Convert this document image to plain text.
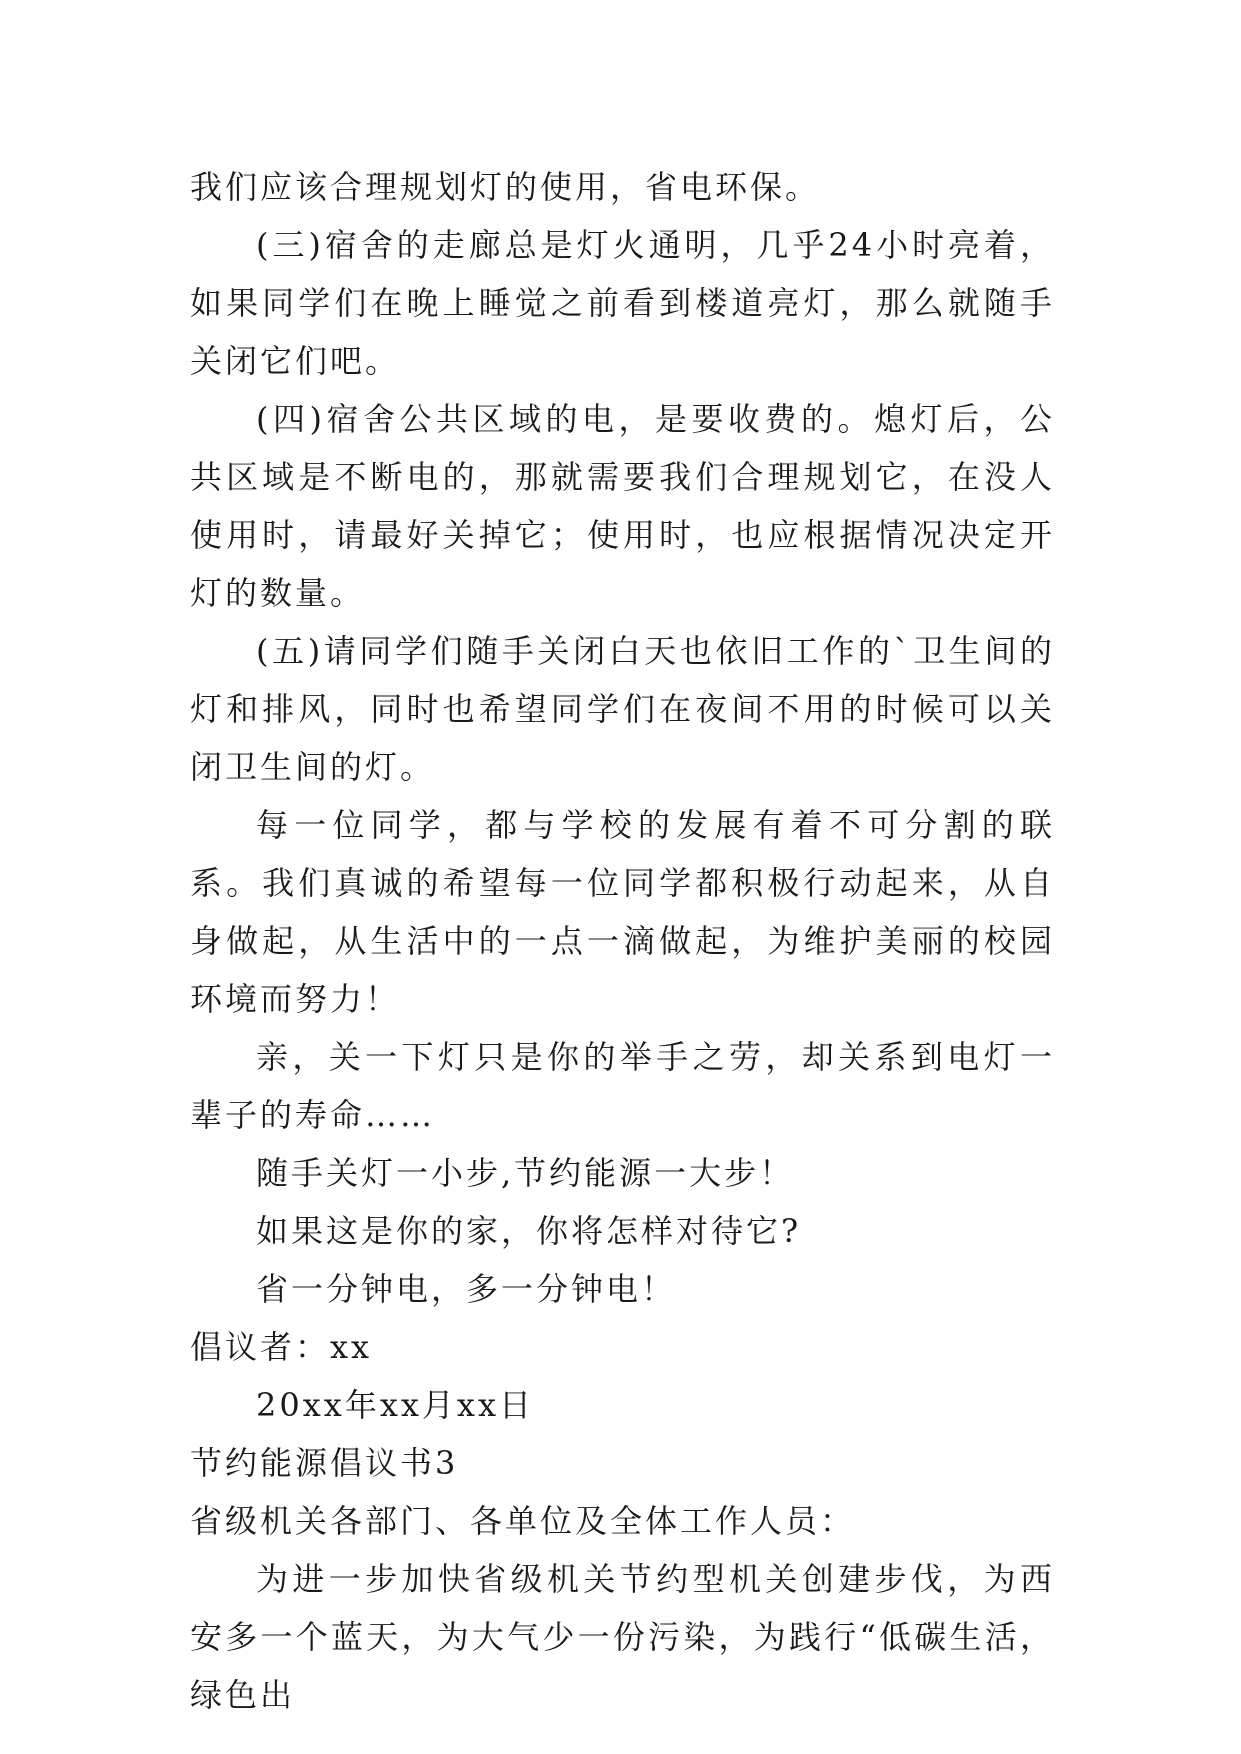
我们应该合理规划灯的使用，省电环保。

(三)宿舍的走廊总是灯火通明，几乎24小时亮着，如果同学们在晚上睡觉之前看到楼道亮灯，那么就随手关闭它们吧。

(四)宿舍公共区域的电，是要收费的。熄灯后，公共区域是不断电的，那就需要我们合理规划它，在没人使用时，请最好关掉它；使用时，也应根据情况决定开灯的数量。

(五)请同学们随手关闭白天也依旧工作的`卫生间的灯和排风，同时也希望同学们在夜间不用的时候可以关闭卫生间的灯。

每一位同学，都与学校的发展有着不可分割的联系。我们真诚的希望每一位同学都积极行动起来，从自身做起，从生活中的一点一滴做起，为维护美丽的校园环境而努力！

亲，关一下灯只是你的举手之劳，却关系到电灯一辈子的寿命……

随手关灯一小步,节约能源一大步！

如果这是你的家，你将怎样对待它?

省一分钟电，多一分钟电！

倡议者：xx

20xx年xx月xx日

节约能源倡议书3

省级机关各部门、各单位及全体工作人员：

为进一步加快省级机关节约型机关创建步伐，为西安多一个蓝天，为大气少一份污染，为践行“低碳生活，绿色出
